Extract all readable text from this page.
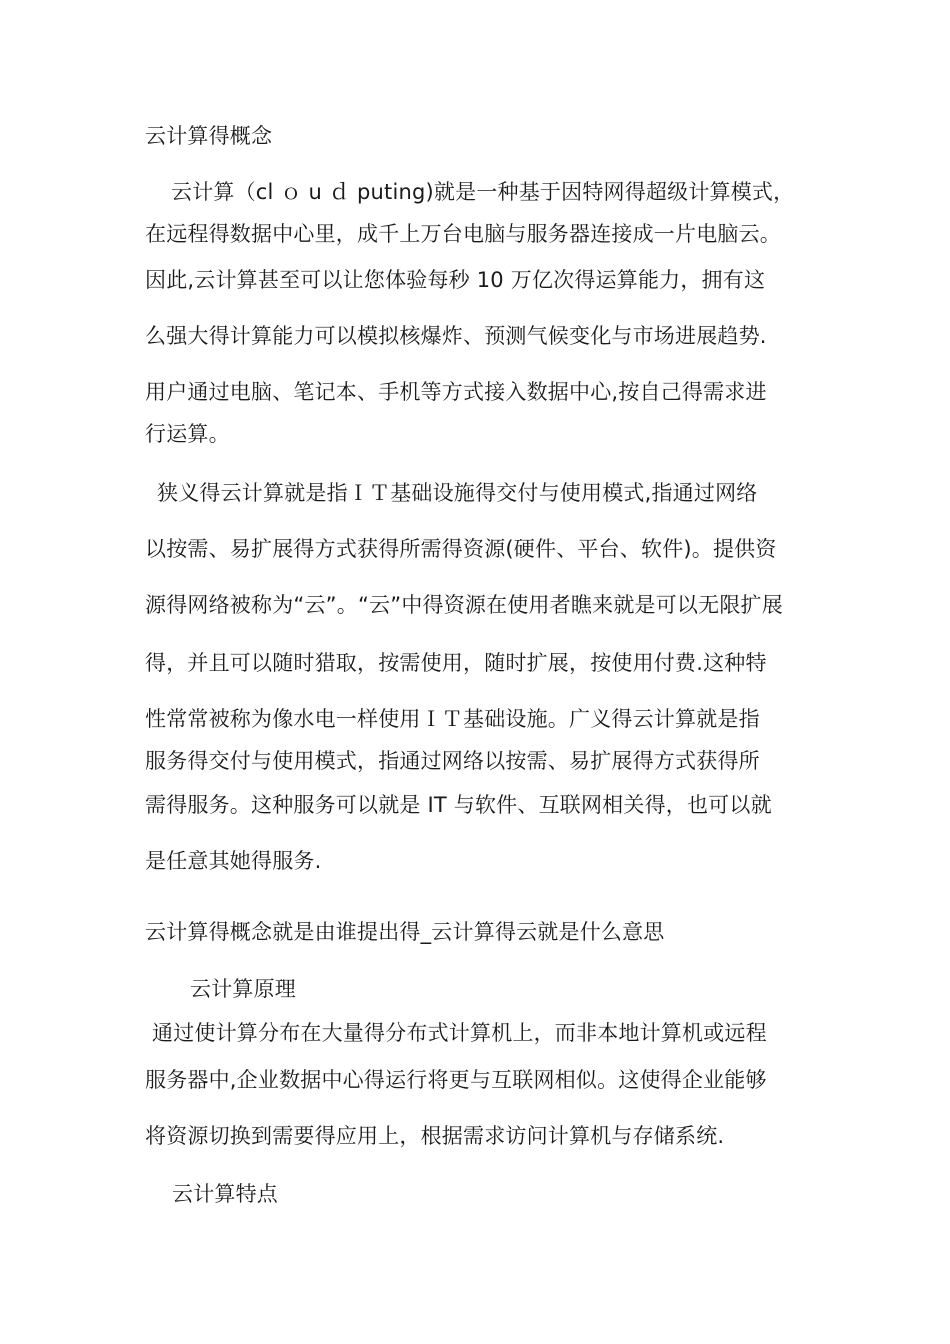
云计算得概念
云计算（cl ｏ u ｄ puting)就是一种基于因特网得超级计算模式，
在远程得数据中心里，成千上万台电脑与服务器连接成一片电脑云。
因此,云计算甚至可以让您体验每秒 10 万亿次得运算能力，拥有这
么强大得计算能力可以模拟核爆炸、预测气候变化与市场进展趋势.
用户通过电脑、笔记本、手机等方式接入数据中心,按自己得需求进
行运算。
狭义得云计算就是指ＩＴ基础设施得交付与使用模式,指通过网络
以按需、易扩展得方式获得所需得资源(硬件、平台、软件)。提供资
源得网络被称为“云”。“云”中得资源在使用者瞧来就是可以无限扩展
得，并且可以随时猎取，按需使用，随时扩展，按使用付费.这种特
性常常被称为像水电一样使用ＩＴ基础设施。广义得云计算就是指
服务得交付与使用模式，指通过网络以按需、易扩展得方式获得所
需得服务。这种服务可以就是 IT 与软件、互联网相关得，也可以就
是任意其她得服务.
云计算得概念就是由谁提出得_云计算得云就是什么意思
云计算原理
通过使计算分布在大量得分布式计算机上，而非本地计算机或远程
服务器中,企业数据中心得运行将更与互联网相似。这使得企业能够
将资源切换到需要得应用上，根据需求访问计算机与存储系统.
云计算特点
